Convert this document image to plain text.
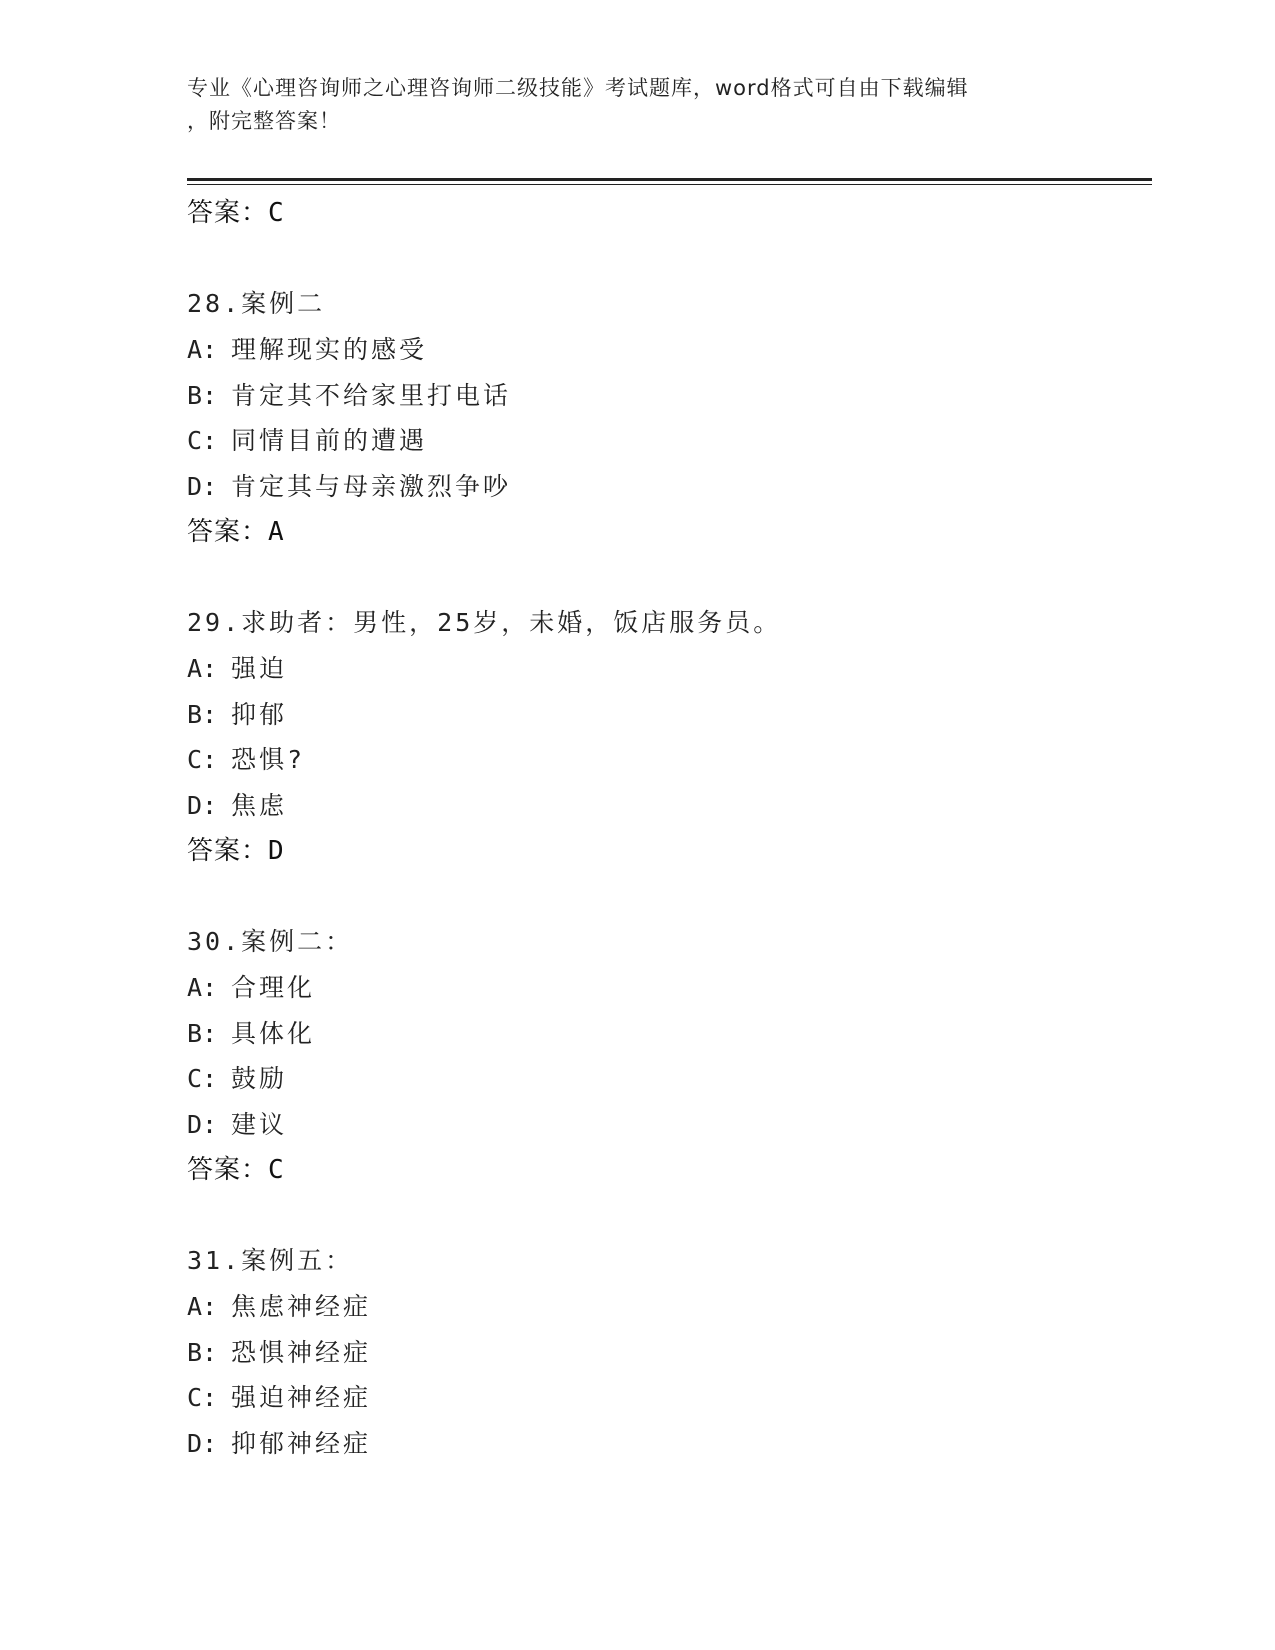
专业《心理咨询师之心理咨询师二级技能》考试题库，word格式可自由下载编辑
，附完整答案！
答案：C
28.案例二
A: 理解现实的感受
B: 肯定其不给家里打电话
C: 同情目前的遭遇
D: 肯定其与母亲激烈争吵
答案：A
29.求助者：男性，25岁，未婚，饭店服务员。
A: 强迫
B: 抑郁
C: 恐惧?
D: 焦虑
答案：D
30.案例二：
A: 合理化
B: 具体化
C: 鼓励
D: 建议
答案：C
31.案例五：
A: 焦虑神经症
B: 恐惧神经症
C: 强迫神经症
D: 抑郁神经症
